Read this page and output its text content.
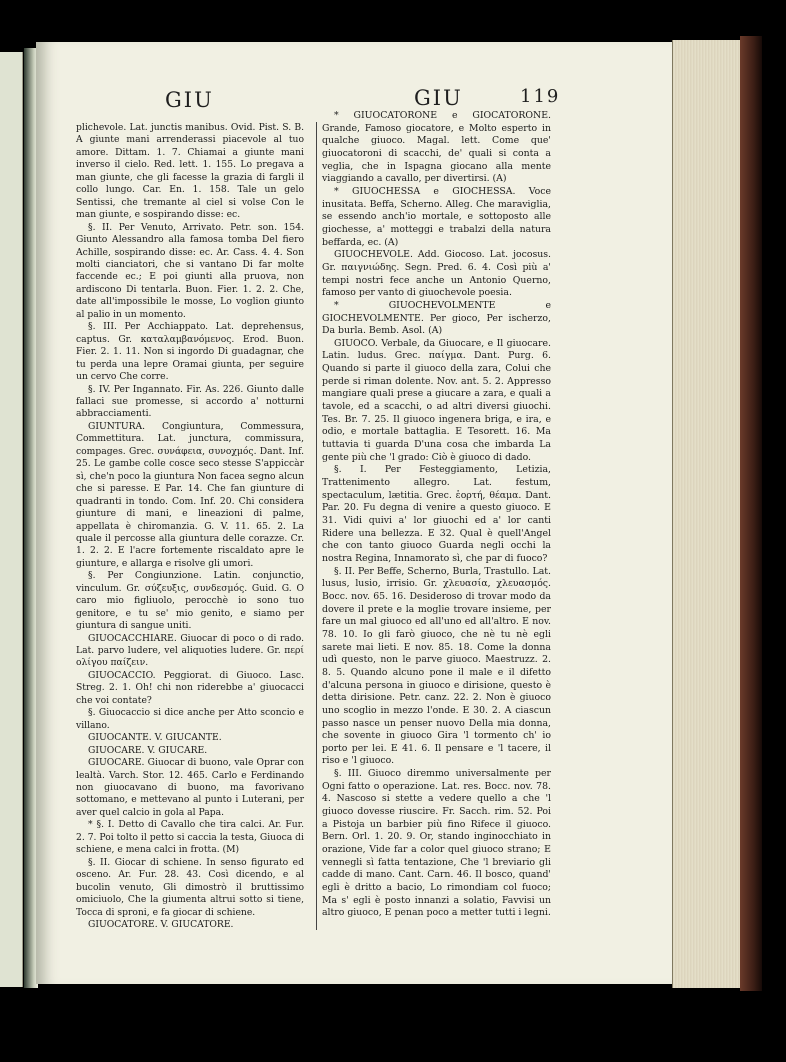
GIU	GIU	119

plichevole. Lat. junctis manibus. Ovid. Pist. S. B. A giunte mani arrenderassi piacevole al tuo amore. Dittam. 1. 7. Chiamai a giunte mani inverso il cielo. Red. lett. 1. 155. Lo pregava a man giunte, che gli facesse la grazia di fargli il collo lungo. Car. En. 1. 158. Tale un gelo Sentissi, che tremante al ciel si volse Con le man giunte, e sospirando disse: ec.

§. II. Per Venuto, Arrivato. Petr. son. 154. Giunto Alessandro alla famosa tomba Del fiero Achille, sospirando disse: ec. Ar. Cass. 4. 4. Son molti cianciatori, che si vantano Di far molte faccende ec.; E poi giunti alla pruova, non ardiscono Di tentarla. Buon. Fier. 1. 2. 2. Che, date all'impossibile le mosse, Lo voglion giunto al palio in un momento.

§. III. Per Acchiappato. Lat. deprehensus, captus. Gr. καταλαμβανόμενος. Erod. Buon. Fier. 2. 1. 11. Non si ingordo Di guadagnar, che tu perda una lepre Oramai giunta, per seguire un cervo Che corre.

§. IV. Per Ingannato. Fir. As. 226. Giunto dalle fallaci sue promesse, si accordo a' notturni abbracciamenti.

GIUNTURA. Congiuntura, Commessura, Commettitura. Lat. junctura, commissura, compages. Grec. συνάφεια, συνοχμός. Dant. Inf. 25. Le gambe colle cosce seco stesse S'appiccàr sì, che'n poco la giuntura Non facea segno alcun che si paresse. E Par. 14. Che fan giunture di quadranti in tondo. Com. Inf. 20. Chi considera giunture di mani, e lineazioni di palme, appellata è chiromanzia. G. V. 11. 65. 2. La quale il percosse alla giuntura delle corazze. Cr. 1. 2. 2. E l'acre fortemente riscaldato apre le giunture, e allarga e risolve gli umori.

§. Per Congiunzione. Latin. conjunctio, vinculum. Gr. σύζευξις, συνδεσμός. Guid. G. O caro mio figliuolo, perocchè io sono tuo genitore, e tu se' mio genito, e siamo per giuntura di sangue uniti.

GIUOCACCHIARE. Giuocar di poco o di rado. Lat. parvo ludere, vel aliquoties ludere. Gr. περί ολίγου παίζειν.

GIUOCACCIO. Peggiorat. di Giuoco. Lasc. Streg. 2. 1. Oh! chi non riderebbe a' giuocacci che voi contate?

§. Giuocaccio si dice anche per Atto sconcio e villano.

GIUOCANTE. V. GIUCANTE.

GIUOCARE. V. GIUCARE.

GIUOCARE. Giuocar di buono, vale Oprar con lealtà. Varch. Stor. 12. 465. Carlo e Ferdinando non giuocavano di buono, ma favorivano sottomano, e mettevano al punto i Luterani, per aver quel calcio in gola al Papa.

* §. I. Detto di Cavallo che tira calci. Ar. Fur. 2. 7. Poi tolto il petto si caccia la testa, Giuoca di schiene, e mena calci in frotta. (M)

§. II. Giocar di schiene. In senso figurato ed osceno. Ar. Fur. 28. 43. Così dicendo, e al bucolin venuto, Gli dimostrò il bruttissimo omiciuolo, Che la giumenta altrui sotto si tiene, Tocca di sproni, e fa giocar di schiene.

GIUOCATORE. V. GIUCATORE.

* GIUOCATORONE e GIOCATORONE. Grande, Famoso giocatore, e Molto esperto in qualche giuoco. Magal. lett. Come que' giuocatoroni di scacchi, de' quali si conta a veglia, che in Ispagna giocano alla mente viaggiando a cavallo, per divertirsi. (A)

* GIUOCHESSA e GIOCHESSA. Voce inusitata. Beffa, Scherno. Alleg. Che maraviglia, se essendo anch'io mortale, e sottoposto alle giochesse, a' motteggi e trabalzi della natura beffarda, ec. (A)

GIUOCHEVOLE. Add. Giocoso. Lat. jocosus. Gr. παιγνιώδης. Segn. Pred. 6. 4. Così più a' tempi nostri fece anche un Antonio Querno, famoso per vanto di giuochevole poesia.

* GIUOCHEVOLMENTE e GIOCHEVOLMENTE. Per gioco, Per ischerzo, Da burla. Bemb. Asol. (A)

GIUOCO. Verbale, da Giuocare, e Il giuocare. Latin. ludus. Grec. παίγμα. Dant. Purg. 6. Quando si parte il giuoco della zara, Colui che perde si riman dolente. Nov. ant. 5. 2. Appresso mangiare quali prese a giucare a zara, e quali a tavole, ed a scacchi, o ad altri diversi giuochi. Tes. Br. 7. 25. Il giuoco ingenera briga, e ira, e odio, e mortale battaglia. E Tesorett. 16. Ma tuttavia ti guarda D'una cosa che imbarda La gente più che 'l grado: Ciò è giuoco di dado.

§. I. Per Festeggiamento, Letizia, Trattenimento allegro. Lat. festum, spectaculum, lætitia. Grec. ἑορτή, θέαμα. Dant. Par. 20. Fu degna di venire a questo giuoco. E 31. Vidi quivi a' lor giuochi ed a' lor canti Ridere una bellezza. E 32. Qual è quell'Angel che con tanto giuoco Guarda negli occhi la nostra Regina, Innamorato sì, che par di fuoco?

§. II. Per Beffe, Scherno, Burla, Trastullo. Lat. lusus, lusio, irrisio. Gr. χλευασία, χλευασμός. Bocc. nov. 65. 16. Desideroso di trovar modo da dovere il prete e la moglie trovare insieme, per fare un mal giuoco ed all'uno ed all'altro. E nov. 78. 10. Io gli farò giuoco, che nè tu nè egli sarete mai lieti. E nov. 85. 18. Come la donna udì questo, non le parve giuoco. Maestruzz. 2. 8. 5. Quando alcuno pone il male e il difetto d'alcuna persona in giuoco e dirisione, questo è detta dirisione. Petr. canz. 22. 2. Non è giuoco uno scoglio in mezzo l'onde. E 30. 2. A ciascun passo nasce un penser nuovo Della mia donna, che sovente in giuoco Gira 'l tormento ch' io porto per lei. E 41. 6. Il pensare e 'l tacere, il riso e 'l giuoco.

§. III. Giuoco diremmo universalmente per Ogni fatto o operazione. Lat. res. Bocc. nov. 78. 4. Nascoso si stette a vedere quello a che 'l giuoco dovesse riuscire. Fr. Sacch. rim. 52. Poi a Pistoja un barbier più fino Rifece il giuoco. Bern. Orl. 1. 20. 9. Or, stando inginocchiato in orazione, Vide far a color quel giuoco strano; E vennegli sì fatta tentazione, Che 'l breviario gli cadde di mano. Cant. Carn. 46. Il bosco, quand' egli è dritto a bacio, Lo rimondiam col fuoco; Ma s' egli è posto innanzi a solatio, Favvisi un altro giuoco, E penan poco a metter tutti i legni.
